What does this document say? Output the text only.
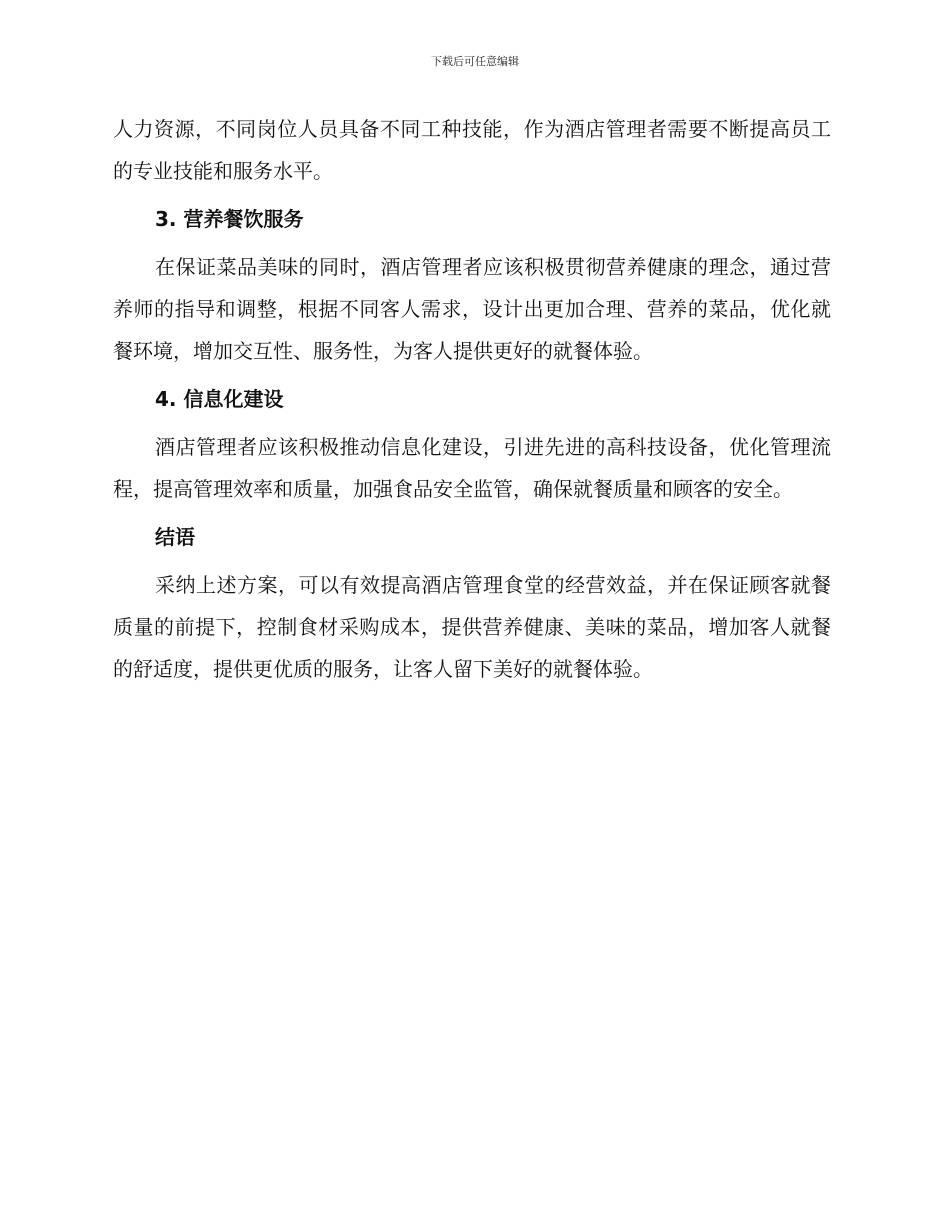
下载后可任意编辑

人力资源，不同岗位人员具备不同工种技能，作为酒店管理者需要不断提高员工的专业技能和服务水平。

3. 营养餐饮服务

在保证菜品美味的同时，酒店管理者应该积极贯彻营养健康的理念，通过营养师的指导和调整，根据不同客人需求，设计出更加合理、营养的菜品，优化就餐环境，增加交互性、服务性，为客人提供更好的就餐体验。

4. 信息化建设

酒店管理者应该积极推动信息化建设，引进先进的高科技设备，优化管理流程，提高管理效率和质量，加强食品安全监管，确保就餐质量和顾客的安全。

结语

采纳上述方案，可以有效提高酒店管理食堂的经营效益，并在保证顾客就餐质量的前提下，控制食材采购成本，提供营养健康、美味的菜品，增加客人就餐的舒适度，提供更优质的服务，让客人留下美好的就餐体验。
